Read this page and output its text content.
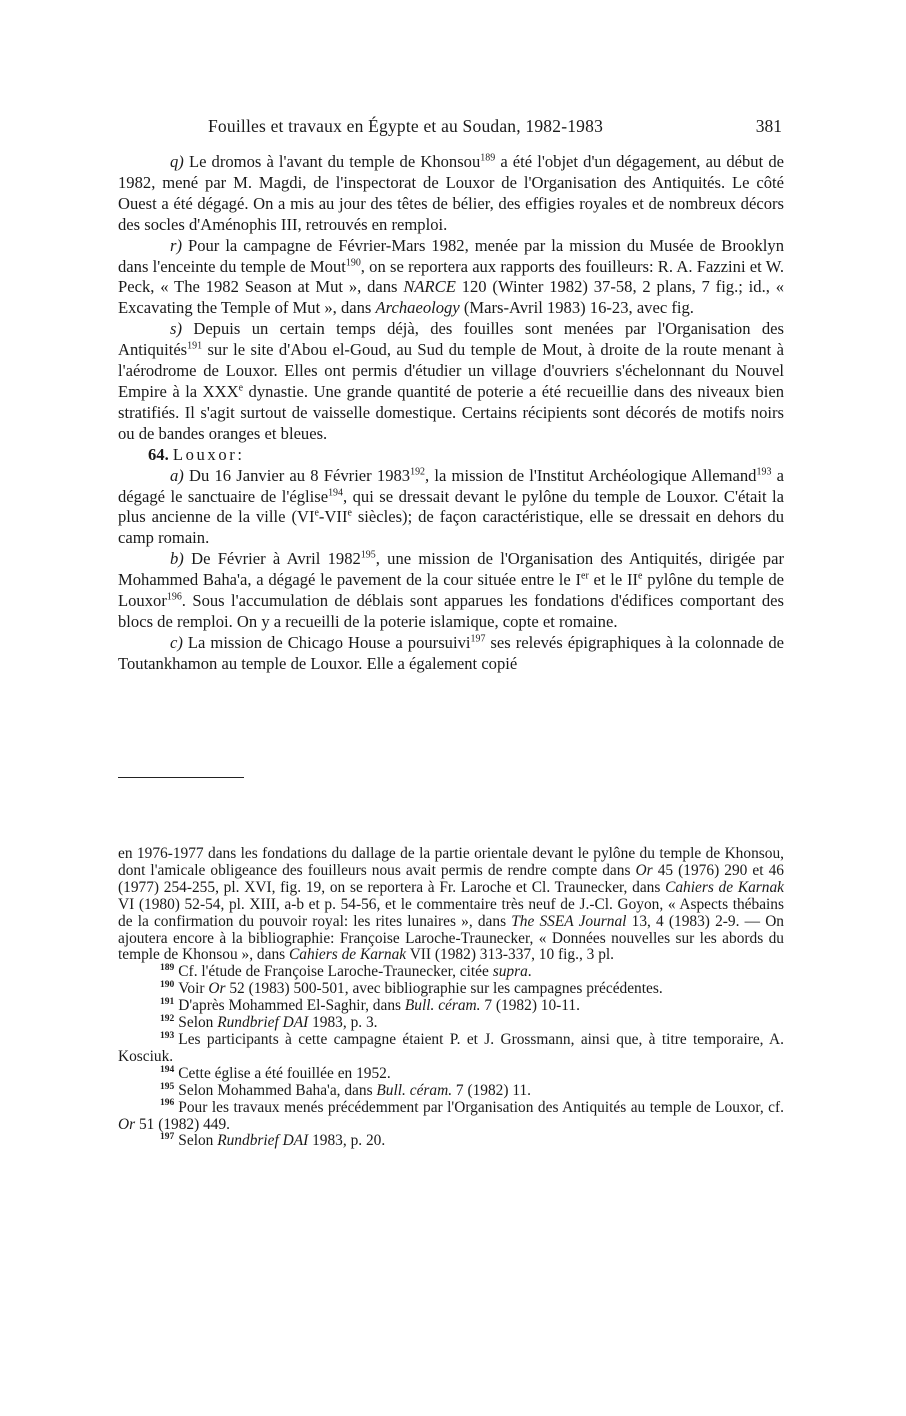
Fouilles et travaux en Égypte et au Soudan, 1982-1983	381

q) Le dromos à l'avant du temple de Khonsou$^{189}$ a été l'objet d'un dégagement, au début de 1982, mené par M. Magdi, de l'inspectorat de Louxor de l'Organisation des Antiquités. Le côté Ouest a été dégagé. On a mis au jour des têtes de bélier, des effigies royales et de nombreux décors des socles d'Aménophis III, retrouvés en remploi.

r) Pour la campagne de Février-Mars 1982, menée par la mission du Musée de Brooklyn dans l'enceinte du temple de Mout$^{190}$, on se reportera aux rapports des fouilleurs: R. A. Fazzini et W. Peck, « The 1982 Season at Mut », dans NARCE 120 (Winter 1982) 37-58, 2 plans, 7 fig.; id., « Excavating the Temple of Mut », dans Archaeology (Mars-Avril 1983) 16-23, avec fig.

s) Depuis un certain temps déjà, des fouilles sont menées par l'Organisation des Antiquités$^{191}$ sur le site d'Abou el-Goud, au Sud du temple de Mout, à droite de la route menant à l'aérodrome de Louxor. Elles ont permis d'étudier un village d'ouvriers s'échelonnant du Nouvel Empire à la XXXe dynastie. Une grande quantité de poterie a été recueillie dans des niveaux bien stratifiés. Il s'agit surtout de vaisselle domestique. Certains récipients sont décorés de motifs noirs ou de bandes oranges et bleues.

64. Louxor:

a) Du 16 Janvier au 8 Février 1983$^{192}$, la mission de l'Institut Archéologique Allemand$^{193}$ a dégagé le sanctuaire de l'église$^{194}$, qui se dressait devant le pylône du temple de Louxor. C'était la plus ancienne de la ville (VIe-VIIe siècles); de façon caractéristique, elle se dressait en dehors du camp romain.

b) De Février à Avril 1982$^{195}$, une mission de l'Organisation des Antiquités, dirigée par Mohammed Baha'a, a dégagé le pavement de la cour située entre le Ier et le IIe pylône du temple de Louxor$^{196}$. Sous l'accumulation de déblais sont apparues les fondations d'édifices comportant des blocs de remploi. On y a recueilli de la poterie islamique, copte et romaine.

c) La mission de Chicago House a poursuivi$^{197}$ ses relevés épigraphiques à la colonnade de Toutankhamon au temple de Louxor. Elle a également copié

en 1976-1977 dans les fondations du dallage de la partie orientale devant le pylône du temple de Khonsou, dont l'amicale obligeance des fouilleurs nous avait permis de rendre compte dans Or 45 (1976) 290 et 46 (1977) 254-255, pl. XVI, fig. 19, on se reportera à Fr. Laroche et Cl. Traunecker, dans Cahiers de Karnak VI (1980) 52-54, pl. XIII, a-b et p. 54-56, et le commentaire très neuf de J.-Cl. Goyon, « Aspects thébains de la confirmation du pouvoir royal: les rites lunaires », dans The SSEA Journal 13, 4 (1983) 2-9. — On ajoutera encore à la bibliographie: Françoise Laroche-Traunecker, « Données nouvelles sur les abords du temple de Khonsou », dans Cahiers de Karnak VII (1982) 313-337, 10 fig., 3 pl.

$^{189}$ Cf. l'étude de Françoise Laroche-Traunecker, citée supra.

$^{190}$ Voir Or 52 (1983) 500-501, avec bibliographie sur les campagnes précédentes.

$^{191}$ D'après Mohammed El-Saghir, dans Bull. céram. 7 (1982) 10-11.

$^{192}$ Selon Rundbrief DAI 1983, p. 3.

$^{193}$ Les participants à cette campagne étaient P. et J. Grossmann, ainsi que, à titre temporaire, A. Kosciuk.

$^{194}$ Cette église a été fouillée en 1952.

$^{195}$ Selon Mohammed Baha'a, dans Bull. céram. 7 (1982) 11.

$^{196}$ Pour les travaux menés précédemment par l'Organisation des Antiquités au temple de Louxor, cf. Or 51 (1982) 449.

$^{197}$ Selon Rundbrief DAI 1983, p. 20.
